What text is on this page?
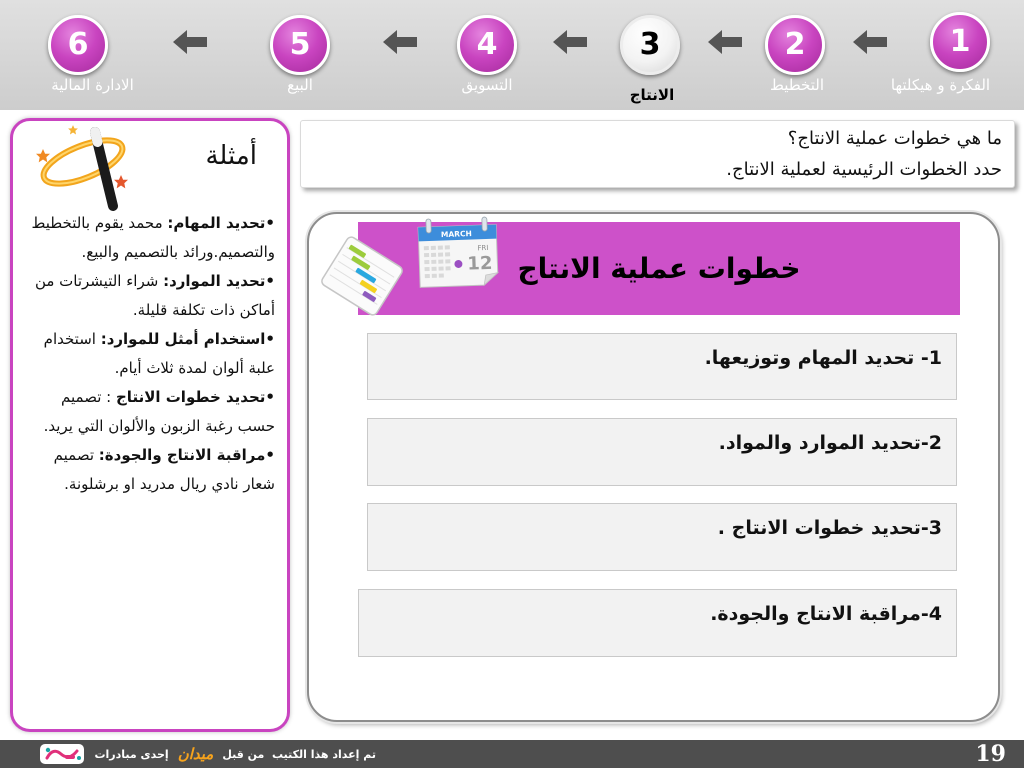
1
2
3
4
5
6
الفكرة و هيكلتها
التخطيط
الانتاج
التسويق
البيع
الادارة المالية
أمثلة

•تحديد المهام: محمد يقوم بالتخطيط والتصميم.ورائد بالتصميم والبيع.

•تحديد الموارد: شراء التيشرتات من أماكن ذات تكلفة قليلة.

•استخدام أمثل للموارد: استخدام علبة ألوان لمدة ثلاث أيام.

•تحديد خطوات الانتاج : تصميم حسب رغبة الزبون والألوان التي يريد.

•مراقبة الانتاج والجودة: تصميم شعار نادي ريال مدريد او برشلونة.

ما هي خطوات عملية الانتاج؟
حدد الخطوات الرئيسية لعملية الانتاج.
خطوات عملية الانتاج
MARCH
FRI
12
1- تحديد المهام وتوزيعها.
2-تحديد الموارد والمواد.
3-تحديد خطوات الانتاج .
4-مراقبة الانتاج والجودة.
تم إعداد هذا الكتيب  من قبل
ميدان
إحدى مبادرات	19
